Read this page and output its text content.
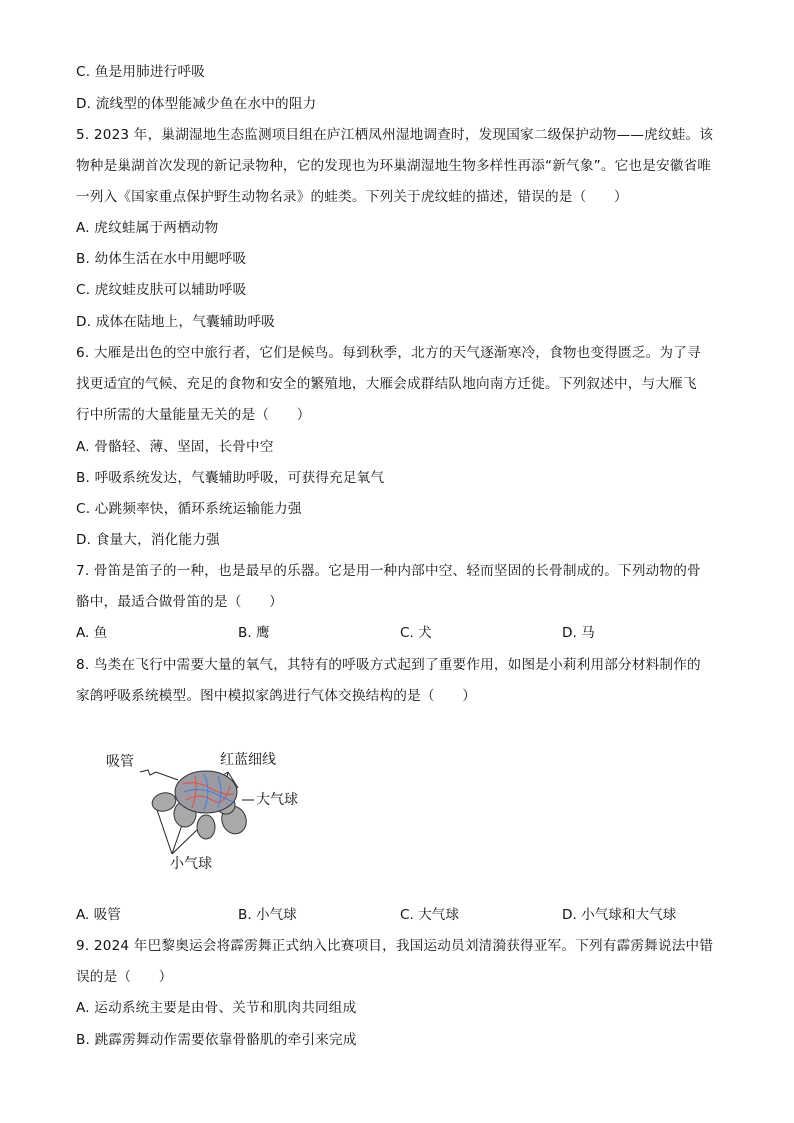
C. 鱼是用肺进行呼吸
D. 流线型的体型能减少鱼在水中的阻力
5. 2023 年，巢湖湿地生态监测项目组在庐江栖凤州湿地调查时，发现国家二级保护动物——虎纹蛙。该
物种是巢湖首次发现的新记录物种，它的发现也为环巢湖湿地生物多样性再添“新气象”。它也是安徽省唯
一列入《国家重点保护野生动物名录》的蛙类。下列关于虎纹蛙的描述，错误的是（　　）
A. 虎纹蛙属于两栖动物
B. 幼体生活在水中用鳃呼吸
C. 虎纹蛙皮肤可以辅助呼吸
D. 成体在陆地上，气囊辅助呼吸
6. 大雁是出色的空中旅行者，它们是候鸟。每到秋季，北方的天气逐渐寒冷，食物也变得匮乏。为了寻
找更适宜的气候、充足的食物和安全的繁殖地，大雁会成群结队地向南方迁徙。下列叙述中，与大雁飞
行中所需的大量能量无关的是（　　）
A. 骨骼轻、薄、坚固，长骨中空
B. 呼吸系统发达，气囊辅助呼吸，可获得充足氧气
C. 心跳频率快，循环系统运输能力强
D. 食量大，消化能力强
7. 骨笛是笛子的一种，也是最早的乐器。它是用一种内部中空、轻而坚固的长骨制成的。下列动物的骨
骼中，最适合做骨笛的是（　　）
A. 鱼	B. 鹰	C. 犬	D. 马
8. 鸟类在飞行中需要大量的氧气，其特有的呼吸方式起到了重要作用，如图是小莉利用部分材料制作的
家鸽呼吸系统模型。图中模拟家鸽进行气体交换结构的是（　　）
吸管	红蓝细线
大气球
小气球
A. 吸管	B. 小气球	C. 大气球	D. 小气球和大气球
9. 2024 年巴黎奥运会将霹雳舞正式纳入比赛项目，我国运动员刘清漪获得亚军。下列有霹雳舞说法中错
误的是（　　）
A. 运动系统主要是由骨、关节和肌肉共同组成
B. 跳霹雳舞动作需要依靠骨骼肌的牵引来完成
